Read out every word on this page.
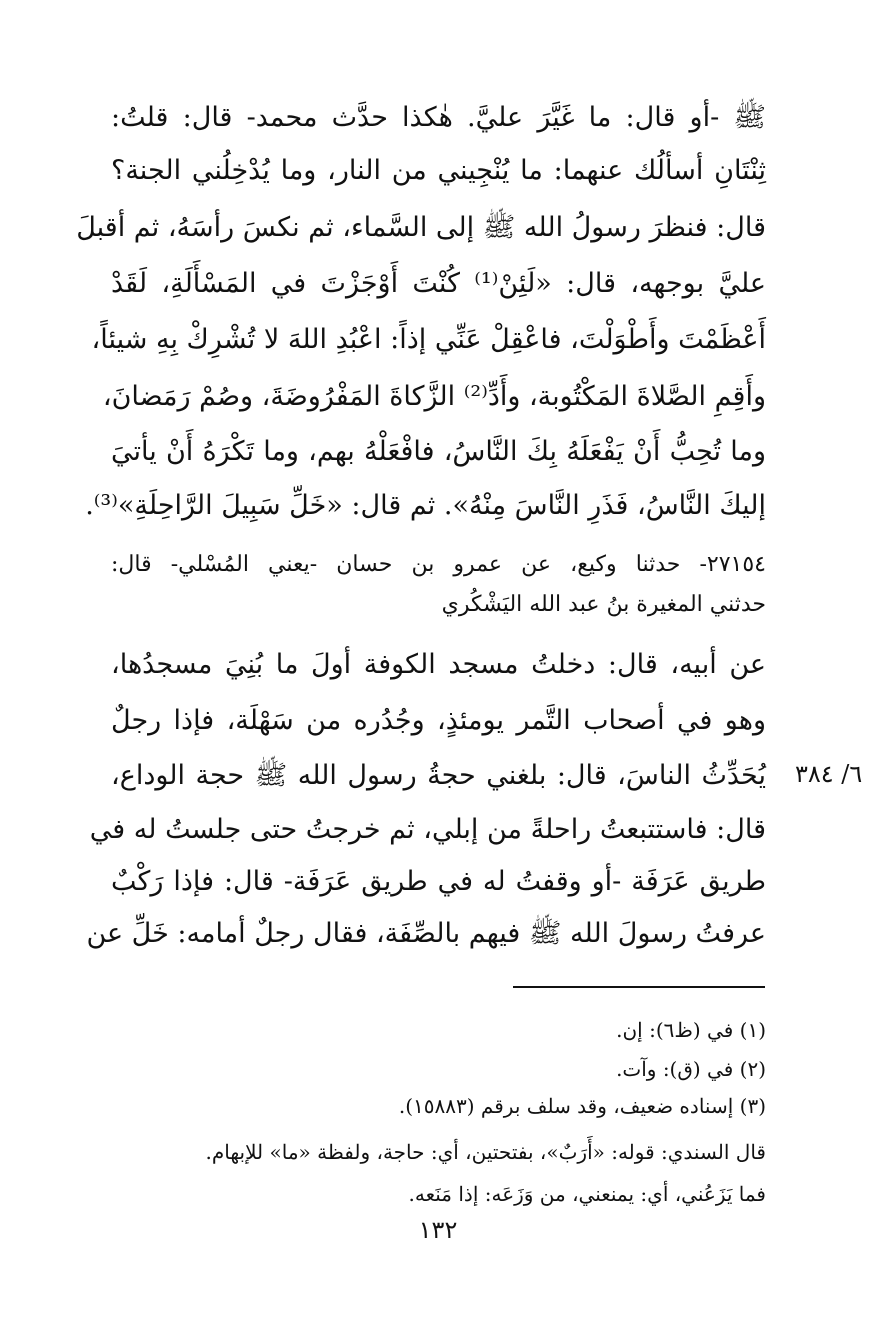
ﷺ -أو قال: ما غَيَّرَ عليَّ. هٰكذا حدَّث محمد- قال: قلتُ:
ثِنْتَانِ أسألُك عنهما: ما يُنْجِيني من النار، وما يُدْخِلُني الجنة؟
قال: فنظرَ رسولُ الله ﷺ إلى السَّماء، ثم نكسَ رأسَهُ، ثم أقبلَ
عليَّ بوجهه، قال: «لَئِنْ⁽¹⁾ كُنْتَ أَوْجَزْتَ في المَسْأَلَةِ، لَقَدْ
أَعْظَمْتَ وأَطْوَلْتَ، فاعْقِلْ عَنِّي إذاً: اعْبُدِ اللهَ لا تُشْرِكْ بِهِ شيئاً،
وأَقِمِ الصَّلاةَ المَكْتُوبة، وأَدِّ⁽²⁾ الزَّكاةَ المَفْرُوضَةَ، وصُمْ رَمَضانَ،
وما تُحِبُّ أَنْ يَفْعَلَهُ بِكَ النَّاسُ، فافْعَلْهُ بهم، وما تَكْرَهُ أَنْ يأتيَ
إليكَ النَّاسُ، فَذَرِ النَّاسَ مِنْهُ». ثم قال: «خَلِّ سَبِيلَ الرَّاحِلَةِ»⁽³⁾.
٢٧١٥٤- حدثنا وكيع، عن عمرو بن حسان -يعني المُسْلي- قال:
حدثني المغيرة بنُ عبد الله اليَشْكُري
عن أبيه، قال: دخلتُ مسجد الكوفة أولَ ما بُنِيَ مسجدُها،
وهو في أصحاب التَّمر يومئذٍ، وجُدُره من سَهْلَة، فإذا رجلٌ
يُحَدِّثُ الناسَ، قال: بلغني حجةُ رسول الله ﷺ حجة الوداع،
قال: فاستتبعتُ راحلةً من إبلي، ثم خرجتُ حتى جلستُ له في
طريق عَرَفَة -أو وقفتُ له في طريق عَرَفَة- قال: فإذا رَكْبٌ
عرفتُ رسولَ الله ﷺ فيهم بالصِّفَة، فقال رجلٌ أمامه: خَلِّ عن
٦/ ٣٨٤
(١) في (ظ٦): إن.
(٢) في (ق): وآت.
(٣) إسناده ضعيف، وقد سلف برقم (١٥٨٨٣).
قال السندي: قوله: «أَرَبٌ»، بفتحتين، أي: حاجة، ولفظة «ما» للإبهام.
فما يَزَعُني، أي: يمنعني، من وَزَعَه: إذا مَنَعه.
١٣٢
